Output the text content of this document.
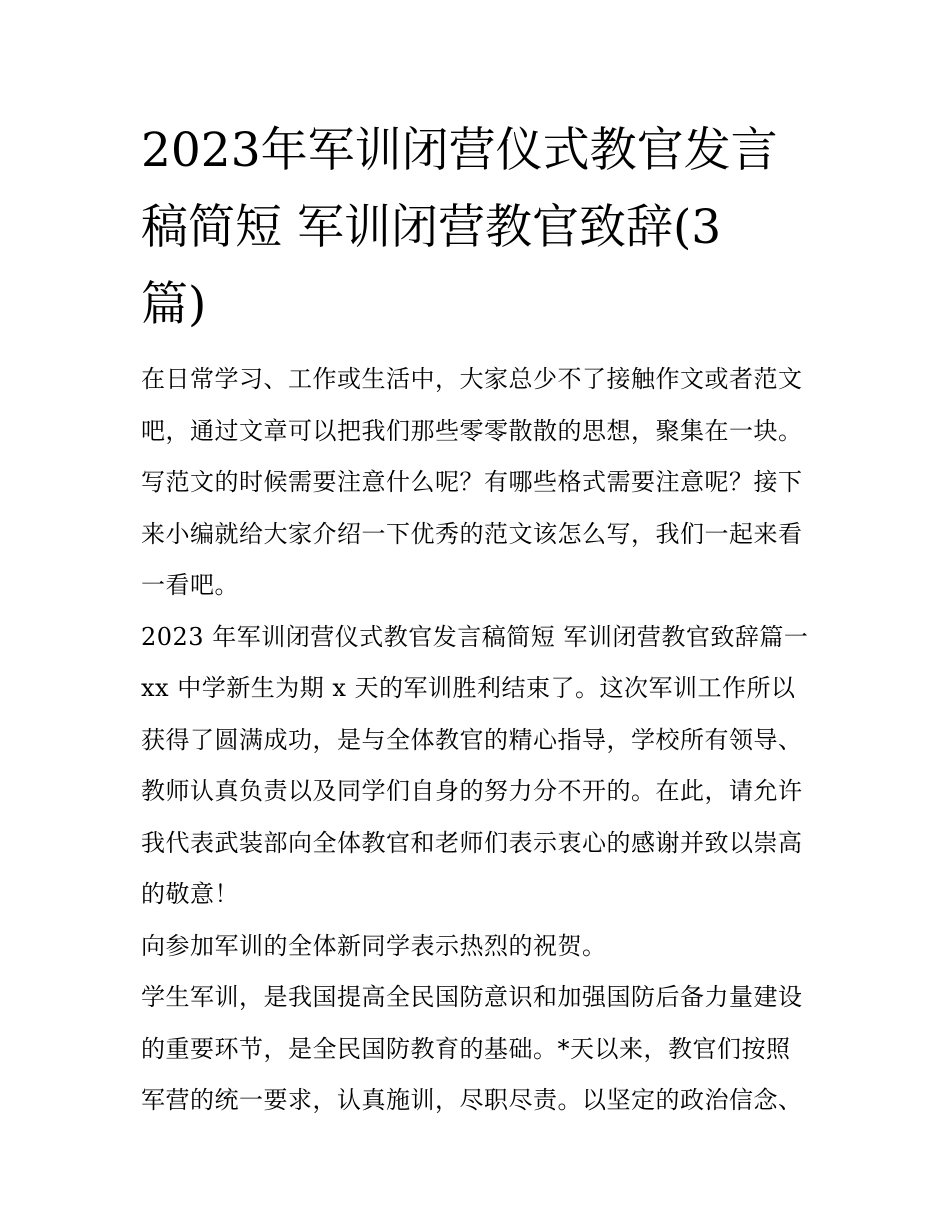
2023年军训闭营仪式教官发言
稿简短 军训闭营教官致辞(3
篇)

在日常学习、工作或生活中，大家总少不了接触作文或者范文
吧，通过文章可以把我们那些零零散散的思想，聚集在一块。
写范文的时候需要注意什么呢？有哪些格式需要注意呢？接下
来小编就给大家介绍一下优秀的范文该怎么写，我们一起来看
一看吧。

2023 年军训闭营仪式教官发言稿简短 军训闭营教官致辞篇一

xx 中学新生为期 x 天的军训胜利结束了。这次军训工作所以
获得了圆满成功，是与全体教官的精心指导，学校所有领导、
教师认真负责以及同学们自身的努力分不开的。在此，请允许
我代表武装部向全体教官和老师们表示衷心的感谢并致以崇高
的敬意！

向参加军训的全体新同学表示热烈的祝贺。

学生军训，是我国提高全民国防意识和加强国防后备力量建设
的重要环节，是全民国防教育的基础。*天以来，教官们按照
军营的统一要求，认真施训，尽职尽责。以坚定的政治信念、
